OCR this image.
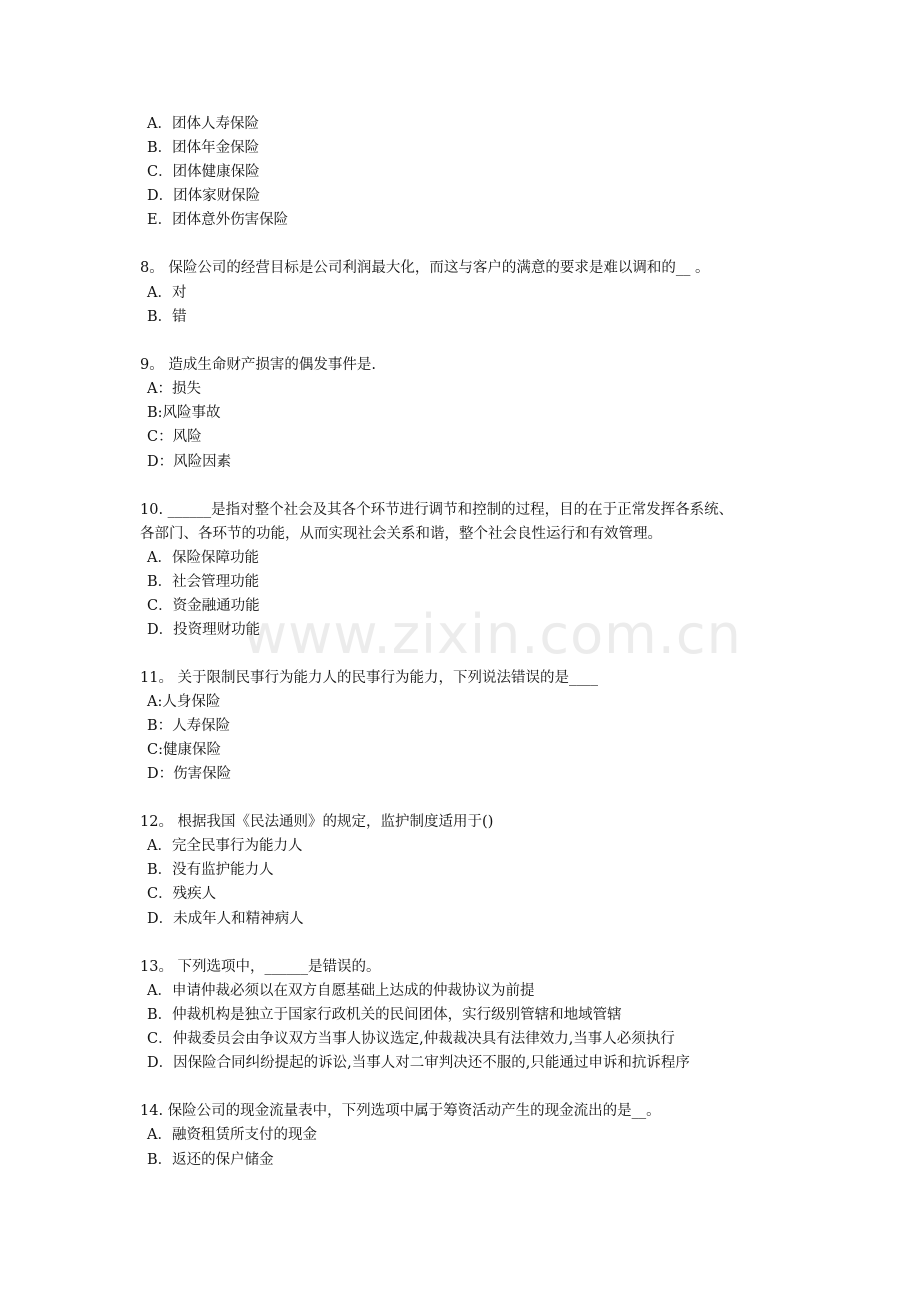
A．团体人寿保险
B．团体年金保险
C．团体健康保险
D．团体家财保险
E．团体意外伤害保险
8。 保险公司的经营目标是公司利润最大化，而这与客户的满意的要求是难以调和的__ 。
A．对
B．错
9。 造成生命财产损害的偶发事件是.
A：损失
B:风险事故
C：风险
D：风险因素
10. ______是指对整个社会及其各个环节进行调节和控制的过程，目的在于正常发挥各系统、
各部门、各环节的功能，从而实现社会关系和谐，整个社会良性运行和有效管理。
A．保险保障功能
B．社会管理功能
C．资金融通功能
D．投资理财功能
11。 关于限制民事行为能力人的民事行为能力，下列说法错误的是____
A:人身保险
B：人寿保险
C:健康保险
D：伤害保险
12。 根据我国《民法通则》的规定，监护制度适用于()
A．完全民事行为能力人
B．没有监护能力人
C．残疾人
D．未成年人和精神病人
13。 下列选项中，______是错误的。
A．申请仲裁必须以在双方自愿基础上达成的仲裁协议为前提
B．仲裁机构是独立于国家行政机关的民间团体，实行级别管辖和地域管辖
C．仲裁委员会由争议双方当事人协议选定,仲裁裁决具有法律效力,当事人必须执行
D．因保险合同纠纷提起的诉讼,当事人对二审判决还不服的,只能通过申诉和抗诉程序
14. 保险公司的现金流量表中，下列选项中属于筹资活动产生的现金流出的是__。
A．融资租赁所支付的现金
B．返还的保户储金
www.zixin.com.cn
